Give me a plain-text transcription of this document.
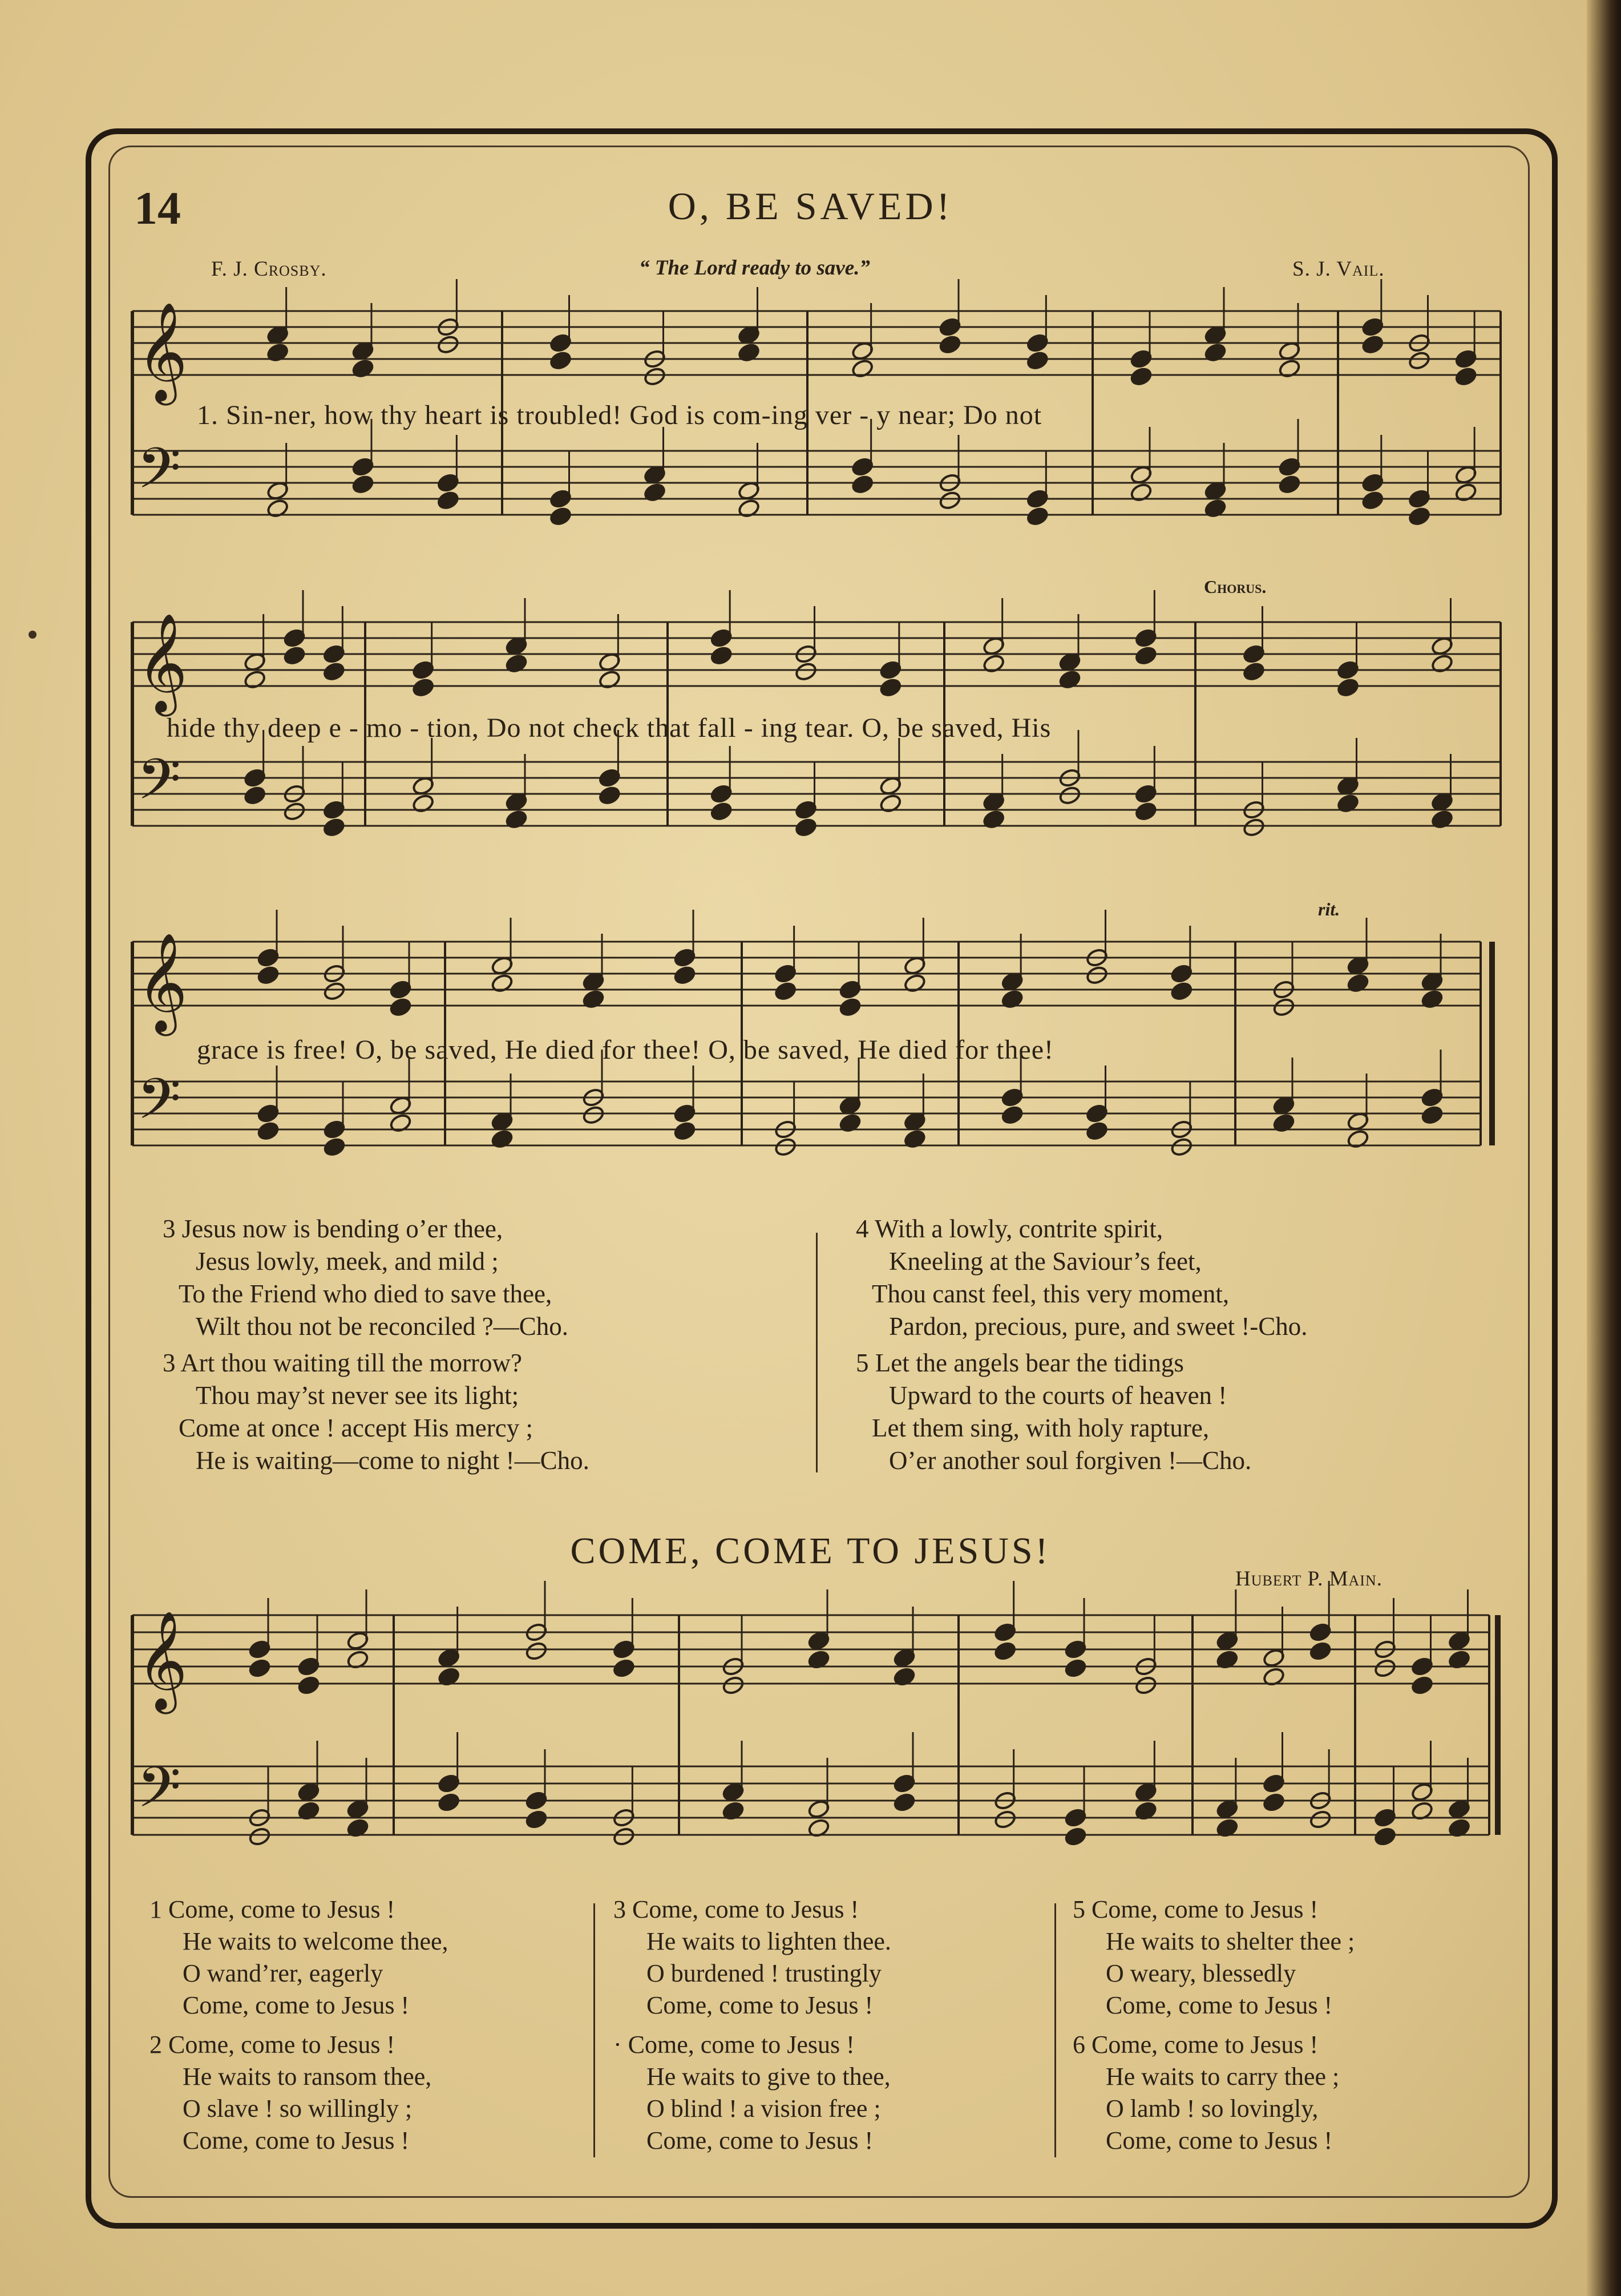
14	O, BE SAVED!
F. J. Crosby.	“ The Lord ready to save.”	S. J. Vail.
𝄞
𝄢
𝄞
𝄢
𝄞
𝄢
𝄞
𝄢
1. Sin-ner, how thy heart is troubled! God is com-ing ver - y near; Do not
Chorus.
hide thy deep e - mo - tion, Do not check that fall - ing tear. O, be saved, His
rit.
grace is free! O, be saved, He died for thee! O, be saved, He died for thee!
3 Jesus now is bending o’er thee,
Jesus lowly, meek, and mild ;
To the Friend who died to save thee,
Wilt thou not be reconciled ?—Cho.
3 Art thou waiting till the morrow?
Thou may’st never see its light;
Come at once ! accept His mercy ;
He is waiting—come to night !—Cho.
4 With a lowly, contrite spirit,
Kneeling at the Saviour’s feet,
Thou canst feel, this very moment,
Pardon, precious, pure, and sweet !-Cho.
5 Let the angels bear the tidings
Upward to the courts of heaven !
Let them sing, with holy rapture,
O’er another soul forgiven !—Cho.
COME, COME TO JESUS!
Hubert P. Main.
1 Come, come to Jesus !
He waits to welcome thee,
O wand’rer, eagerly
Come, come to Jesus !
2 Come, come to Jesus !
He waits to ransom thee,
O slave ! so willingly ;
Come, come to Jesus !
3 Come, come to Jesus !
He waits to lighten thee.
O burdened ! trustingly
Come, come to Jesus !
· Come, come to Jesus !
He waits to give to thee,
O blind ! a vision free ;
Come, come to Jesus !
5 Come, come to Jesus !
He waits to shelter thee ;
O weary, blessedly
Come, come to Jesus !
6 Come, come to Jesus !
He waits to carry thee ;
O lamb ! so lovingly,
Come, come to Jesus !
